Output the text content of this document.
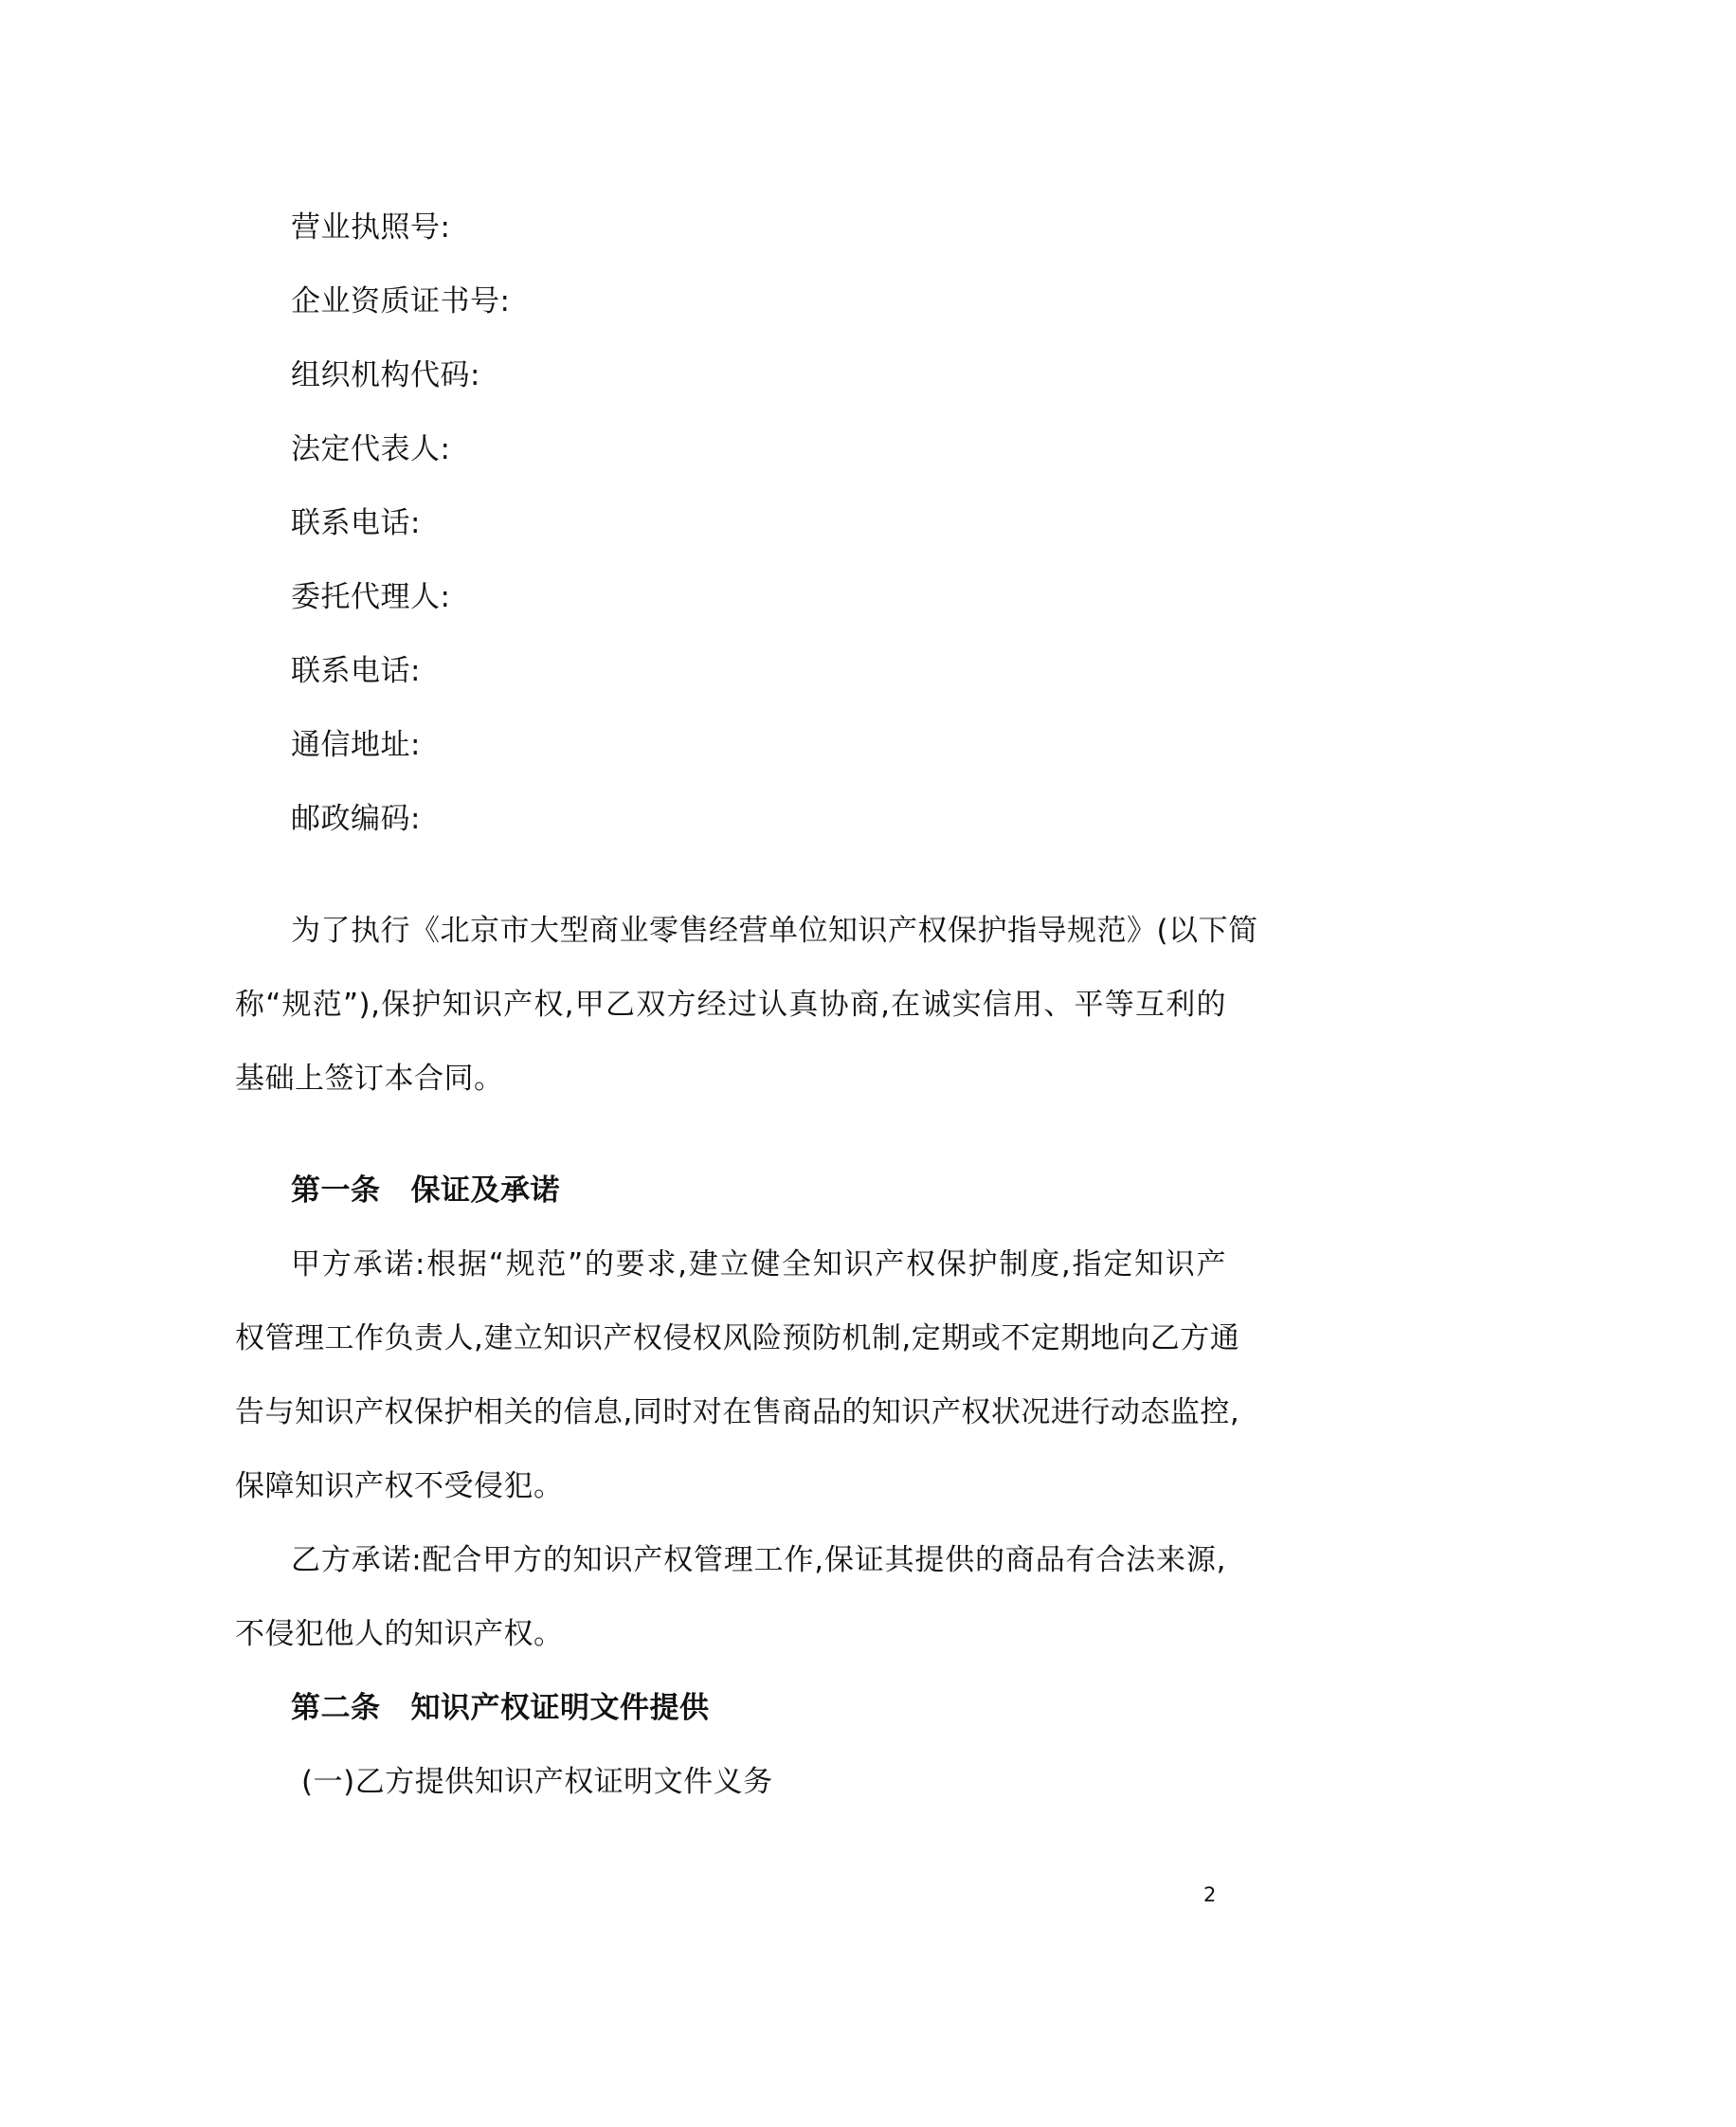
营业执照号:
企业资质证书号:
组织机构代码:
法定代表人:
联系电话:
委托代理人:
联系电话:
通信地址:
邮政编码:
为了执行《北京市大型商业零售经营单位知识产权保护指导规范》(以下简
称“规范”),保护知识产权,甲乙双方经过认真协商,在诚实信用、平等互利的
基础上签订本合同。
第一条 保证及承诺
甲方承诺:根据“规范”的要求,建立健全知识产权保护制度,指定知识产
权管理工作负责人,建立知识产权侵权风险预防机制,定期或不定期地向乙方通
告与知识产权保护相关的信息,同时对在售商品的知识产权状况进行动态监控,
保障知识产权不受侵犯。
乙方承诺:配合甲方的知识产权管理工作,保证其提供的商品有合法来源,
不侵犯他人的知识产权。
第二条 知识产权证明文件提供
(一)乙方提供知识产权证明文件义务
2
